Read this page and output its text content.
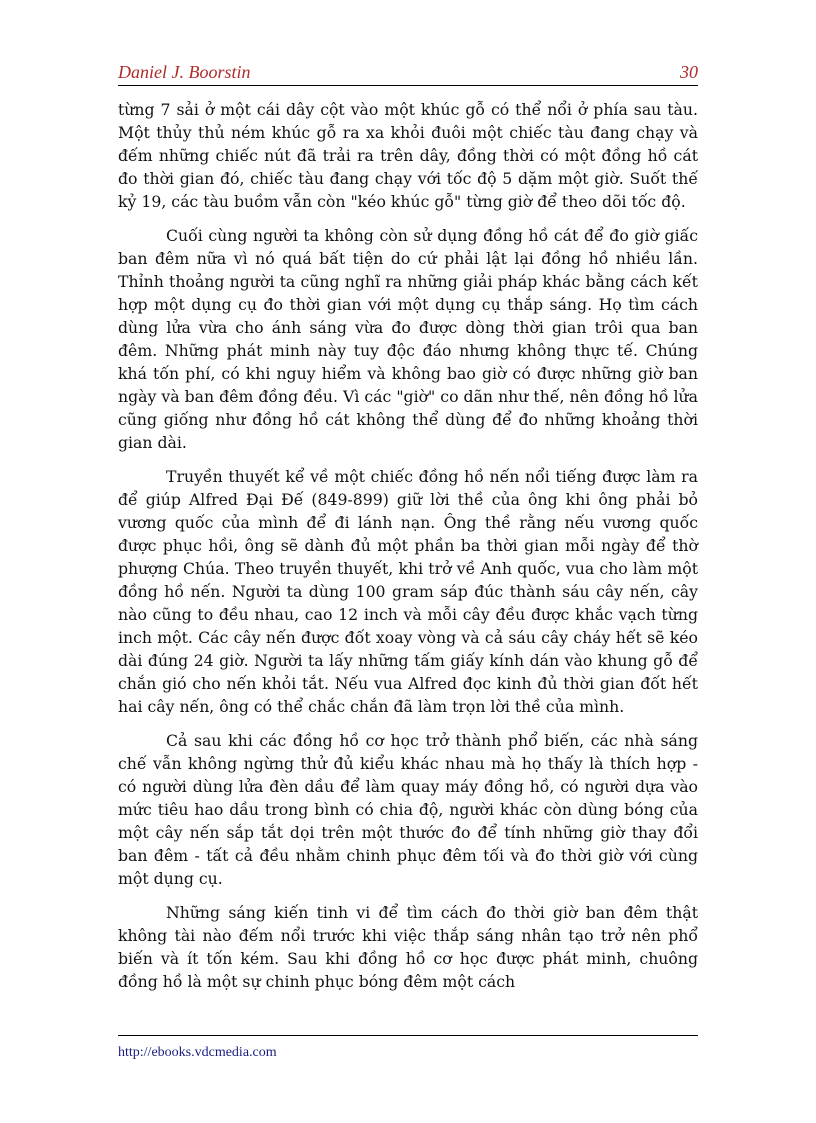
Daniel J. Boorstin	30

từng 7 sải ở một cái dây cột vào một khúc gỗ có thể nổi ở phía sau tàu. Một thủy thủ ném khúc gỗ ra xa khỏi đuôi một chiếc tàu đang chạy và đếm những chiếc nút đã trải ra trên dây, đồng thời có một đồng hồ cát đo thời gian đó, chiếc tàu đang chạy với tốc độ 5 dặm một giờ. Suốt thế kỷ 19, các tàu buồm vẫn còn "kéo khúc gỗ" từng giờ để theo dõi tốc độ.

Cuối cùng người ta không còn sử dụng đồng hồ cát để đo giờ giấc ban đêm nữa vì nó quá bất tiện do cứ phải lật lại đồng hồ nhiều lần. Thỉnh thoảng người ta cũng nghĩ ra những giải pháp khác bằng cách kết hợp một dụng cụ đo thời gian với một dụng cụ thắp sáng. Họ tìm cách dùng lửa vừa cho ánh sáng vừa đo được dòng thời gian trôi qua ban đêm. Những phát minh này tuy độc đáo nhưng không thực tế. Chúng khá tốn phí, có khi nguy hiểm và không bao giờ có được những giờ ban ngày và ban đêm đồng đều. Vì các "giờ" co dãn như thế, nên đồng hồ lửa cũng giống như đồng hồ cát không thể dùng để đo những khoảng thời gian dài.

Truyền thuyết kể về một chiếc đồng hồ nến nổi tiếng được làm ra để giúp Alfred Đại Đế (849-899) giữ lời thề của ông khi ông phải bỏ vương quốc của mình để đi lánh nạn. Ông thề rằng nếu vương quốc được phục hồi, ông sẽ dành đủ một phần ba thời gian mỗi ngày để thờ phượng Chúa. Theo truyền thuyết, khi trở về Anh quốc, vua cho làm một đồng hồ nến. Người ta dùng 100 gram sáp đúc thành sáu cây nến, cây nào cũng to đều nhau, cao 12 inch và mỗi cây đều được khắc vạch từng inch một. Các cây nến được đốt xoay vòng và cả sáu cây cháy hết sẽ kéo dài đúng 24 giờ. Người ta lấy những tấm giấy kính dán vào khung gỗ để chắn gió cho nến khỏi tắt. Nếu vua Alfred đọc kinh đủ thời gian đốt hết hai cây nến, ông có thể chắc chắn đã làm trọn lời thề của mình.

Cả sau khi các đồng hồ cơ học trở thành phổ biến, các nhà sáng chế vẫn không ngừng thử đủ kiểu khác nhau mà họ thấy là thích hợp - có người dùng lửa đèn dầu để làm quay máy đồng hồ, có người dựa vào mức tiêu hao dầu trong bình có chia độ, người khác còn dùng bóng của một cây nến sắp tắt dọi trên một thước đo để tính những giờ thay đổi ban đêm - tất cả đều nhằm chinh phục đêm tối và đo thời giờ với cùng một dụng cụ.

Những sáng kiến tinh vi để tìm cách đo thời giờ ban đêm thật không tài nào đếm nổi trước khi việc thắp sáng nhân tạo trở nên phổ biến và ít tốn kém. Sau khi đồng hồ cơ học được phát minh, chuông đồng hồ là một sự chinh phục bóng đêm một cách

http://ebooks.vdcmedia.com
